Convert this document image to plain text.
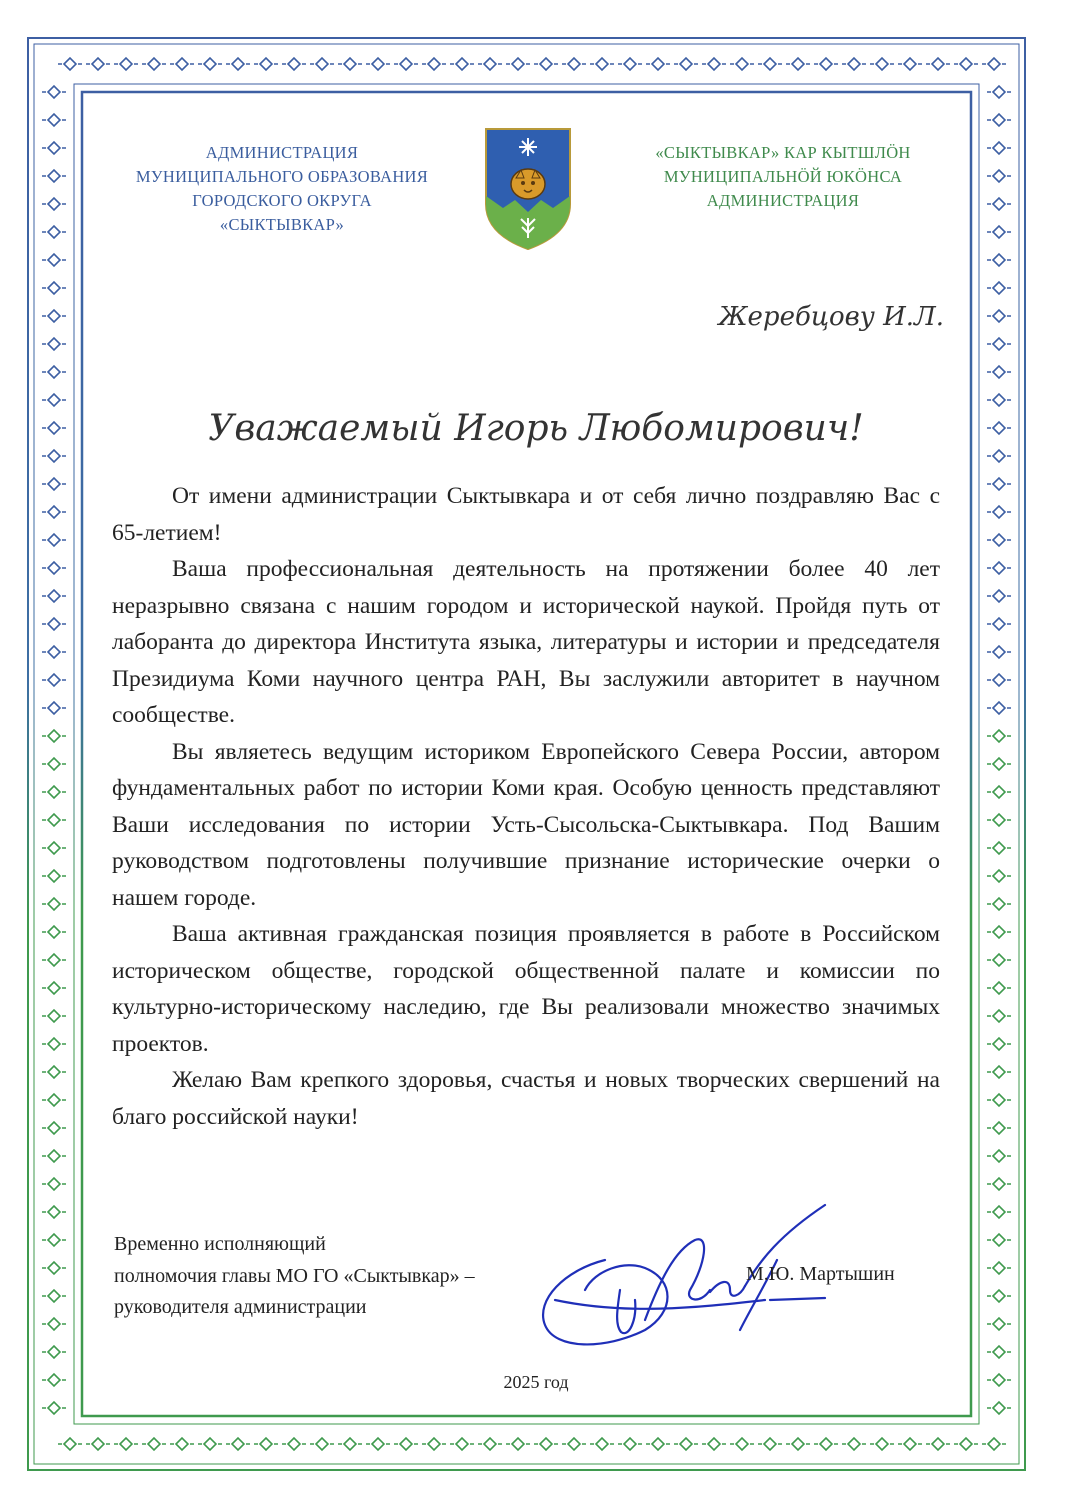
АДМИНИСТРАЦИЯ
МУНИЦИПАЛЬНОГО ОБРАЗОВАНИЯ
ГОРОДСКОГО ОКРУГА
«СЫКТЫВКАР»
«СЫКТЫВКАР» КАР КЫТШЛÖН
МУНИЦИПАЛЬНÖЙ ЮКÖНСА
АДМИНИСТРАЦИЯ
Жеребцову И.Л.
Уважаемый Игорь Любомирович!

От имени администрации Сыктывкара и от себя лично поздравляю Вас с 65-летием!

Ваша профессиональная деятельность на протяжении более 40 лет неразрывно связана с нашим городом и исторической наукой. Пройдя путь от лаборанта до директора Института языка, литературы и истории и председателя Президиума Коми научного центра РАН, Вы заслужили авторитет в научном сообществе.

Вы являетесь ведущим историком Европейского Севера России, автором фундаментальных работ по истории Коми края. Особую ценность представляют Ваши исследования по истории Усть-Сысольска-Сыктывкара. Под Вашим руководством подготовлены получившие признание исторические очерки о нашем городе.

Ваша активная гражданская позиция проявляется в работе в Российском историческом обществе, городской общественной палате и комиссии по культурно-историческому наследию, где Вы реализовали множество значимых проектов.

Желаю Вам крепкого здоровья, счастья и новых творческих свершений на благо российской науки!

Временно исполняющий
полномочия главы МО ГО «Сыктывкар» –
руководителя администрации
М.Ю. Мартышин
2025 год
